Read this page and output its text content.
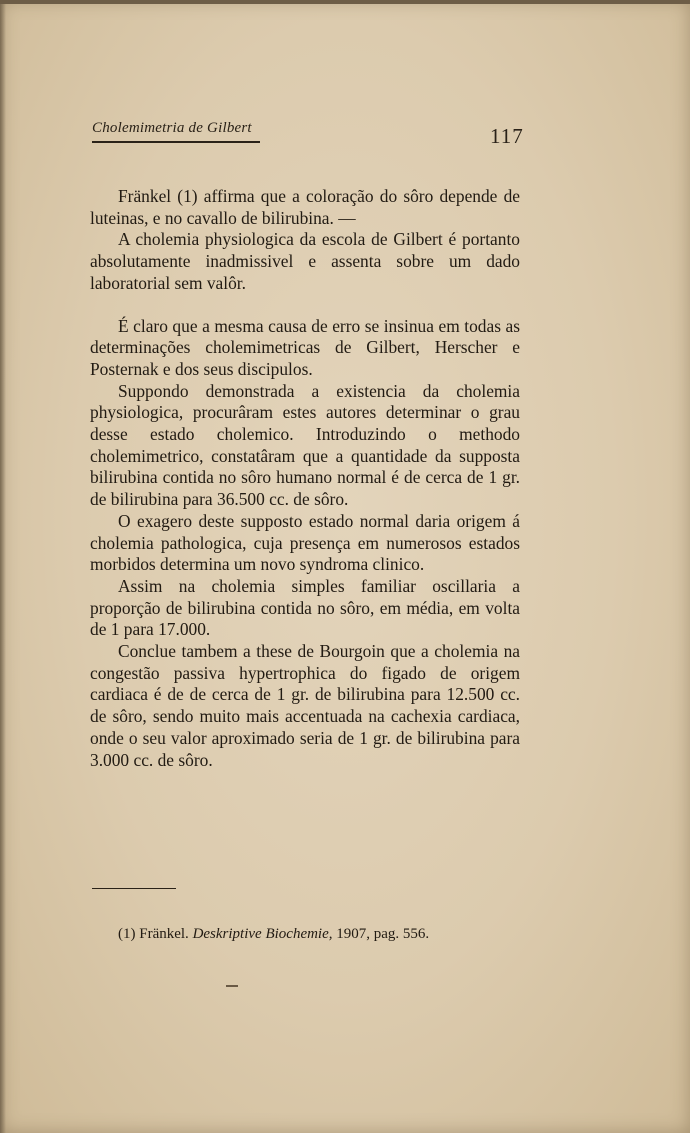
Cholemimetria de Gilbert	117

Fränkel (1) affirma que a coloração do sôro depende de luteinas, e no cavallo de bilirubina. —

A cholemia physiologica da escola de Gilbert é portanto absolutamente inadmissivel e assenta sobre um dado laboratorial sem valôr.

É claro que a mesma causa de erro se insinua em todas as determinações cholemimetricas de Gilbert, Herscher e Posternak e dos seus discipulos.

Suppondo demonstrada a existencia da cholemia physiologica, procurâram estes autores determinar o grau desse estado cholemico. Introduzindo o methodo cholemimetrico, constatâram que a quantidade da supposta bilirubina contida no sôro humano normal é de cerca de 1 gr. de bilirubina para 36.500 cc. de sôro.

O exagero deste supposto estado normal daria origem á cholemia pathologica, cuja presença em numerosos estados morbidos determina um novo syndroma clinico.

Assim na cholemia simples familiar oscillaria a proporção de bilirubina contida no sôro, em média, em volta de 1 para 17.000.

Conclue tambem a these de Bourgoin que a cholemia na congestão passiva hypertrophica do figado de origem cardiaca é de de cerca de 1 gr. de bilirubina para 12.500 cc. de sôro, sendo muito mais accentuada na cachexia cardiaca, onde o seu valor aproximado seria de 1 gr. de bilirubina para 3.000 cc. de sôro.

(1) Fränkel. Deskriptive Biochemie, 1907, pag. 556.
